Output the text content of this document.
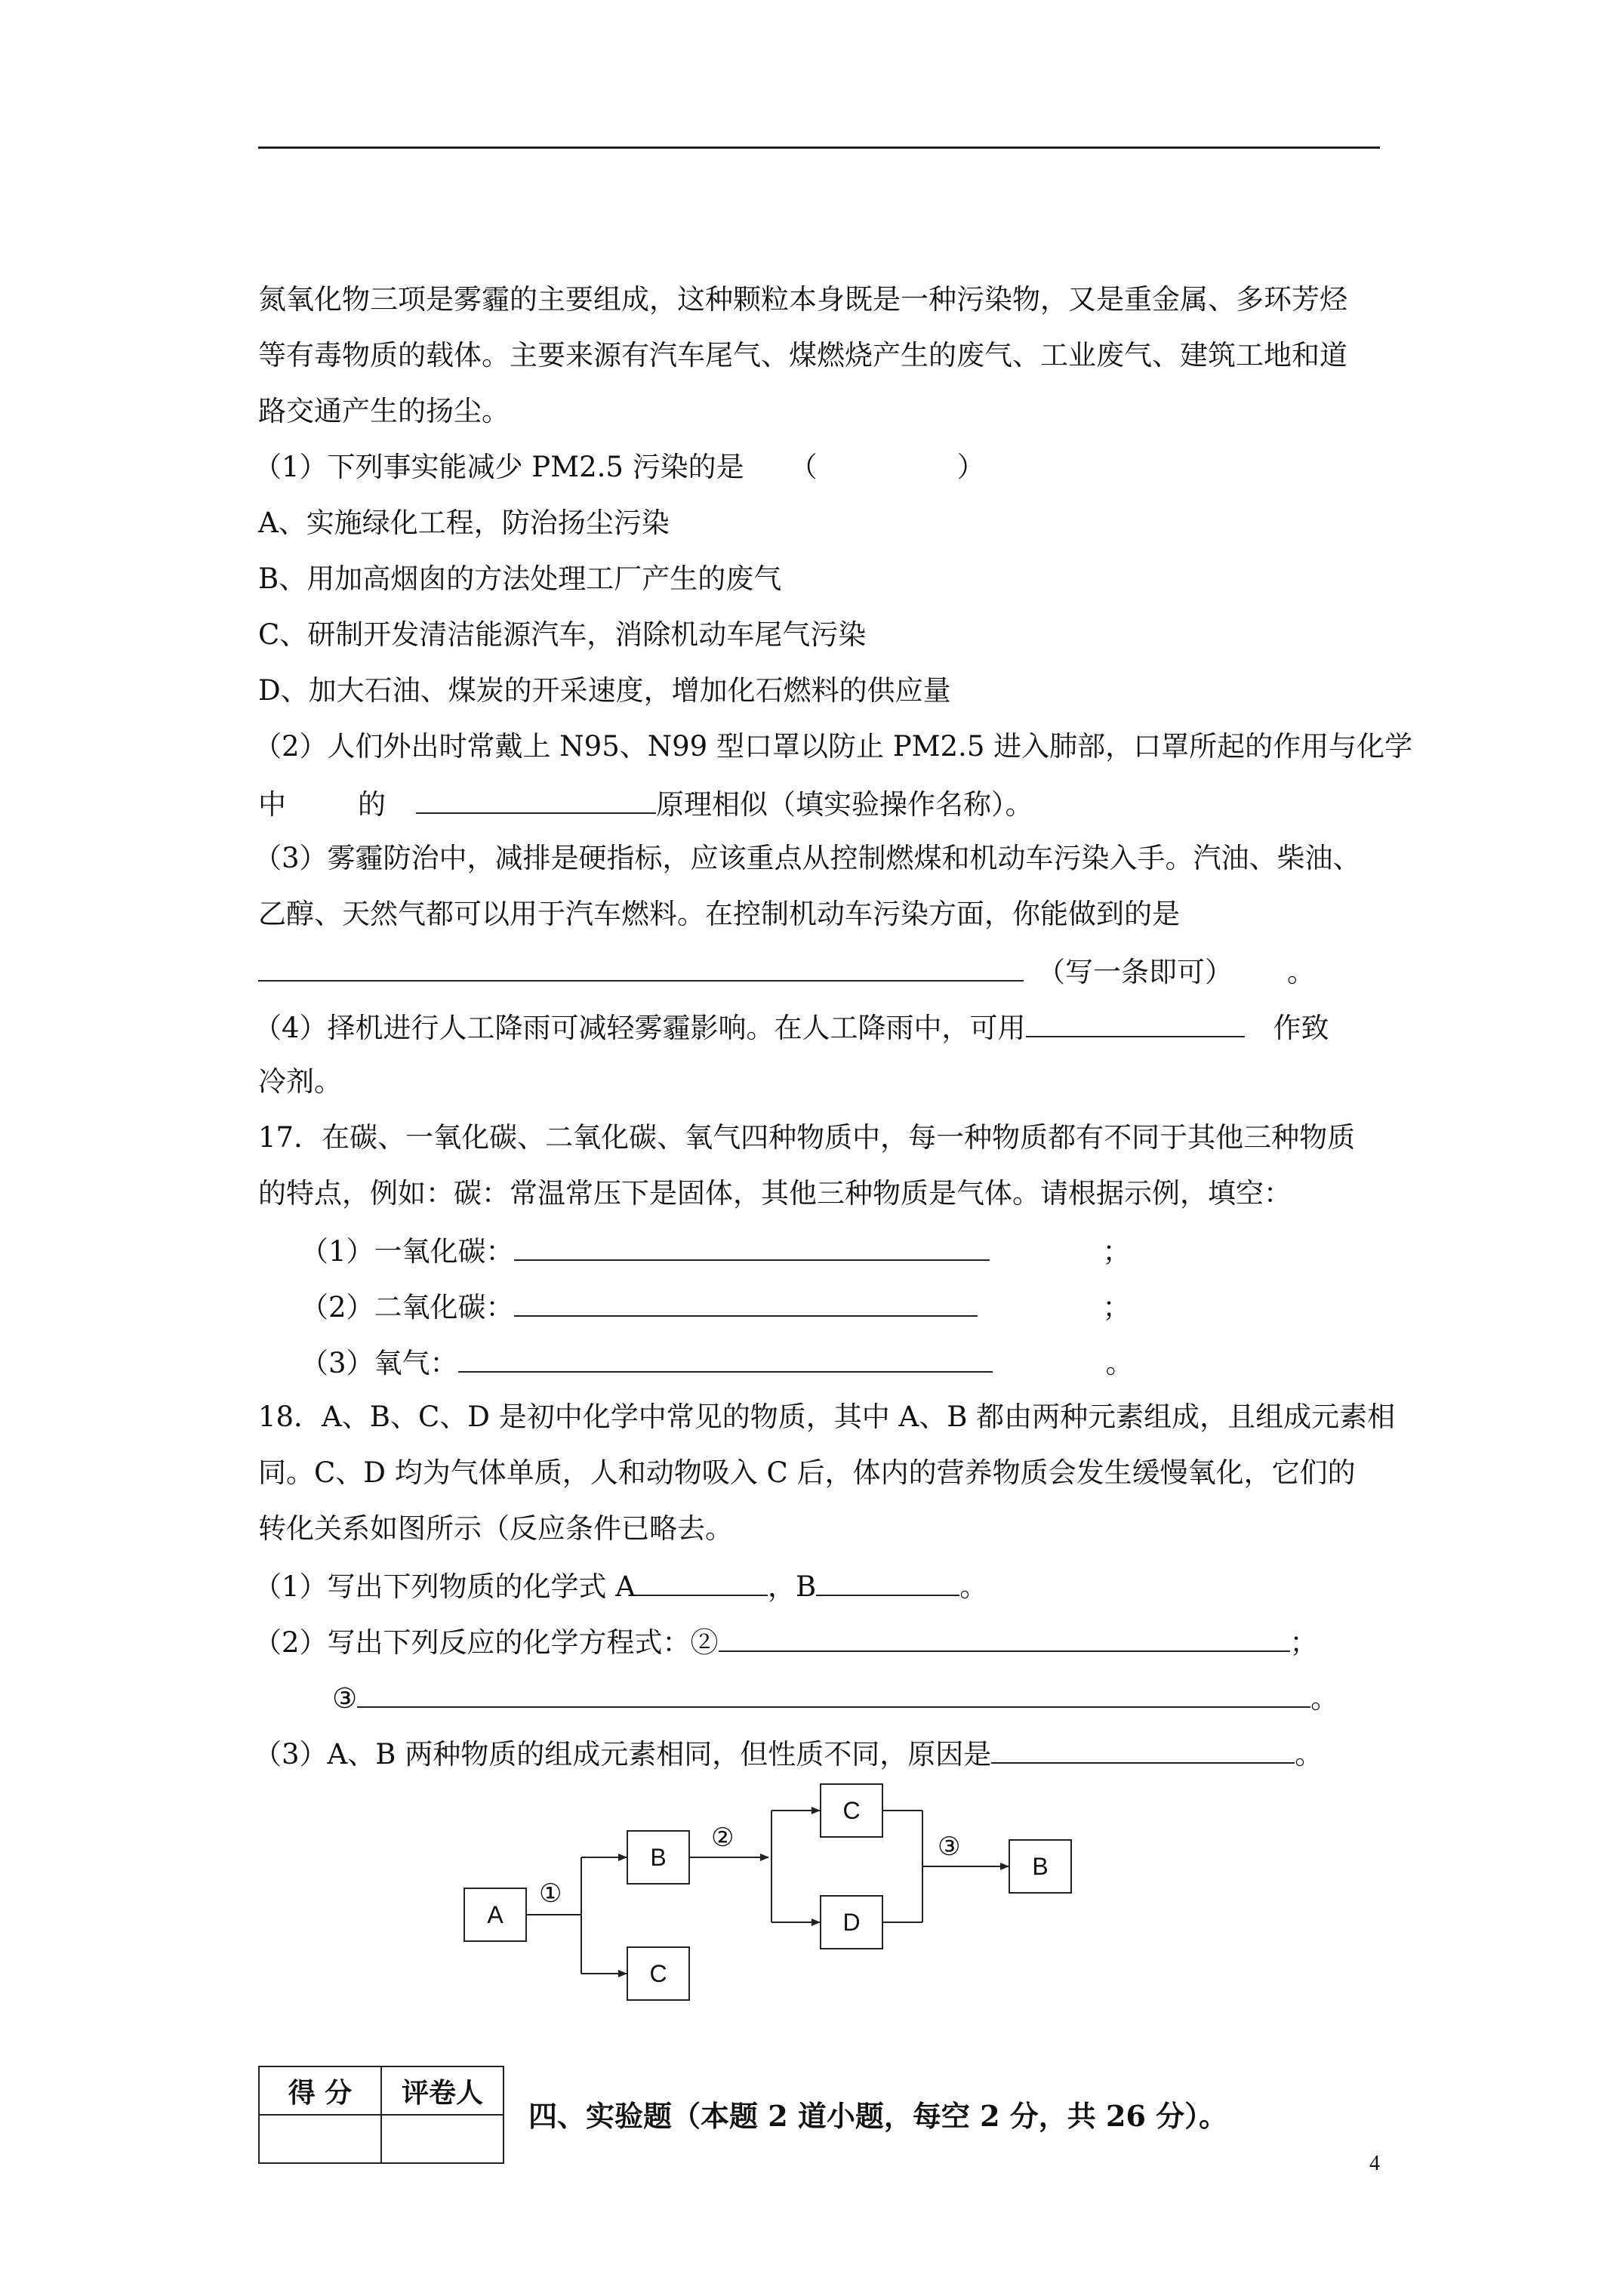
氮氧化物三项是雾霾的主要组成，这种颗粒本身既是一种污染物，又是重金属、多环芳烃
等有毒物质的载体。主要来源有汽车尾气、煤燃烧产生的废气、工业废气、建筑工地和道
路交通产生的扬尘。
（1）下列事实能减少 PM2.5 污染的是 （　　　　　）
A、实施绿化工程，防治扬尘污染
B、用加高烟囱的方法处理工厂产生的废气
C、研制开发清洁能源汽车，消除机动车尾气污染
D、加大石油、煤炭的开采速度，增加化石燃料的供应量
（2）人们外出时常戴上 N95、N99 型口罩以防止 PM2.5 进入肺部，口罩所起的作用与化学
中	的	原理相似（填实验操作名称）。
（3）雾霾防治中，减排是硬指标，应该重点从控制燃煤和机动车污染入手。汽油、柴油、
乙醇、天然气都可以用于汽车燃料。在控制机动车污染方面，你能做到的是
（写一条即可） 。
（4）择机进行人工降雨可减轻雾霾影响。在人工降雨中，可用	作致
冷剂。
17．在碳、一氧化碳、二氧化碳、氧气四种物质中，每一种物质都有不同于其他三种物质
的特点，例如：碳：常温常压下是固体，其他三种物质是气体。请根据示例，填空：
（1）一氧化碳：	；
（2）二氧化碳：	；
（3）氧气：	。
18．A、B、C、D 是初中化学中常见的物质，其中 A、B 都由两种元素组成，且组成元素相
同。C、D 均为气体单质，人和动物吸入 C 后，体内的营养物质会发生缓慢氧化，它们的
转化关系如图所示（反应条件已略去。
（1）写出下列物质的化学式 A	，B	。
（2）写出下列反应的化学方程式：②	；
③	。
（3）A、B 两种物质的组成元素相同，但性质不同，原因是	。
A
B
C
C
D
B
①
②	③
得 分	评卷人

四、实验题（本题 2 道小题，每空 2 分，共 26 分）。
4
